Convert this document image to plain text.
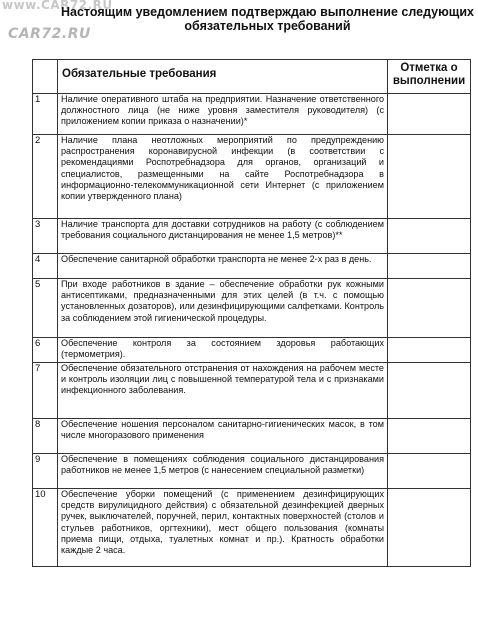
www.CAR72.RU
CAR72.RU
Настоящим уведомлением подтверждаю выполнение следующих обязательных требований
	Обязательные требования	Отметка о выполнении
1	Наличие оперативного штаба на предприятии. Назначение ответственного должностного лица (не ниже уровня заместителя руководителя) (с приложением копии приказа о назначении)*	
2	Наличие плана неотложных мероприятий по предупреждению распространения коронавирусной инфекции (в соответствии с рекомендациями Роспотребнадзора для органов, организаций и специалистов, размещенными на сайте Роспотребнадзора в информационно-телекоммуникационной сети Интернет (с приложением копии утвержденного плана)	
3	Наличие транспорта для доставки сотрудников на работу (с соблюдением требования социального дистанцирования не менее 1,5 метров)**	
4	Обеспечение санитарной обработки транспорта не менее 2-х раз в день.	
5	При входе работников в здание – обеспечение обработки рук кожными антисептиками, предназначенными для этих целей (в т.ч. с помощью установленных дозаторов), или дезинфицирующими салфетками. Контроль за соблюдением этой гигиенической процедуры.	
6	Обеспечение контроля за состоянием здоровья работающих (термометрия).	
7	Обеспечение обязательного отстранения от нахождения на рабочем месте и контроль изоляции лиц с повышенной температурой тела и с признаками инфекционного заболевания.	
8	Обеспечение ношения персоналом санитарно-гигиенических масок, в том числе многоразового применения	
9	Обеспечение в помещениях соблюдения социального дистанцирования работников не менее 1,5 метров (с нанесением специальной разметки)	
10	Обеспечение уборки помещений (с применением дезинфицирующих средств вирулицидного действия) с обязательной дезинфекцией дверных ручек, выключателей, поручней, перил, контактных поверхностей (столов и стульев работников, оргтехники), мест общего пользования (комнаты приема пищи, отдыха, туалетных комнат и пр.). Кратность обработки каждые 2 часа.	
